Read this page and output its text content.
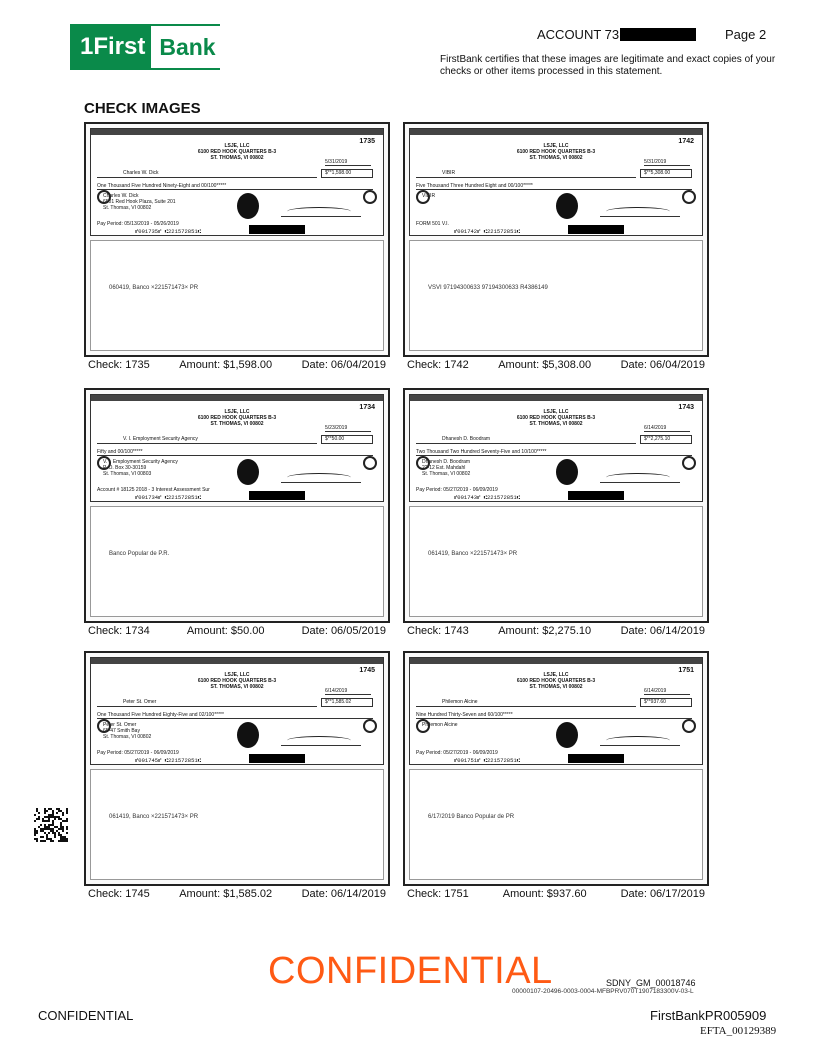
1First Bank	ACCOUNT 73	Page 2
FirstBank certifies that these images are legitimate and exact copies of your checks or other items processed in this statement.
CHECK IMAGES
1735
LSJE, LLC
6100 RED HOOK QUARTERS B-3
ST. THOMAS, VI 00802
5/31/2019
Charles W. Dick	$**1,598.00
One Thousand Five Hundred Ninety-Eight and 00/100*****
Charles W. Dick
6501 Red Hook Plaza, Suite 201
St. Thomas, VI 00802
Pay Period: 05/13/2019 - 05/26/2019
⑈001735⑈ ⑆221572851⑆
060419, Banco ×221571473× PR
Check: 1735	Amount: $1,598.00	Date: 06/04/2019
1742
LSJE, LLC
6100 RED HOOK QUARTERS B-3
ST. THOMAS, VI 00802
5/31/2019
VIBIR	$**5,308.00
Five Thousand Three Hundred Eight and 00/100*****
VIBIR
FORM 501 V.I.
⑈001742⑈ ⑆221572851⑆
VSVI 97194300633 97194300633 R4386149
Check: 1742	Amount: $5,308.00	Date: 06/04/2019
1734
LSJE, LLC
6100 RED HOOK QUARTERS B-3
ST. THOMAS, VI 00802
5/23/2019
V. I. Employment Security Agency	$**50.00
Fifty and 00/100*****
V. I. Employment Security Agency
P. O. Box 30-30159
St. Thomas, VI 00803
Account # 18125 2018 - 3 Interest Assessment Sur
⑈001734⑈ ⑆221572851⑆
Banco Popular de P.R.
Check: 1734	Amount: $50.00	Date: 06/05/2019
1743
LSJE, LLC
6100 RED HOOK QUARTERS B-3
ST. THOMAS, VI 00802
6/14/2019
Dhanesh D. Boodram	$**2,275.10
Two Thousand Two Hundred Seventy-Five and 10/100*****
Dhanesh D. Boodram
22-12 Est. Mahdahl
St. Thomas, VI 00802
Pay Period: 05/27/2019 - 06/09/2019
⑈001743⑈ ⑆221572851⑆
061419, Banco ×221571473× PR
Check: 1743	Amount: $2,275.10	Date: 06/14/2019
1745
LSJE, LLC
6100 RED HOOK QUARTERS B-3
ST. THOMAS, VI 00802
6/14/2019
Peter St. Omer	$**1,585.02
One Thousand Five Hundred Eighty-Five and 02/100*****
Peter St. Omer
65-47 Smith Bay
St. Thomas, VI 00802
Pay Period: 05/27/2019 - 06/09/2019
⑈001745⑈ ⑆221572851⑆
061419, Banco ×221571473× PR
Check: 1745	Amount: $1,585.02	Date: 06/14/2019
1751
LSJE, LLC
6100 RED HOOK QUARTERS B-3
ST. THOMAS, VI 00802
6/14/2019
Philemon Alcine	$**937.60
Nine Hundred Thirty-Seven and 60/100*****
Philemon Alcine
Pay Period: 05/27/2019 - 06/09/2019
⑈001751⑈ ⑆221572851⑆
6/17/2019 Banco Popular de PR
Check: 1751	Amount: $937.60	Date: 06/17/2019
CONFIDENTIAL	SDNY_GM_00018746
00000107-20496-0003-0004-MFBPRV070T1907183300V-03-L
CONFIDENTIAL	FirstBankPR005909
EFTA_00129389
